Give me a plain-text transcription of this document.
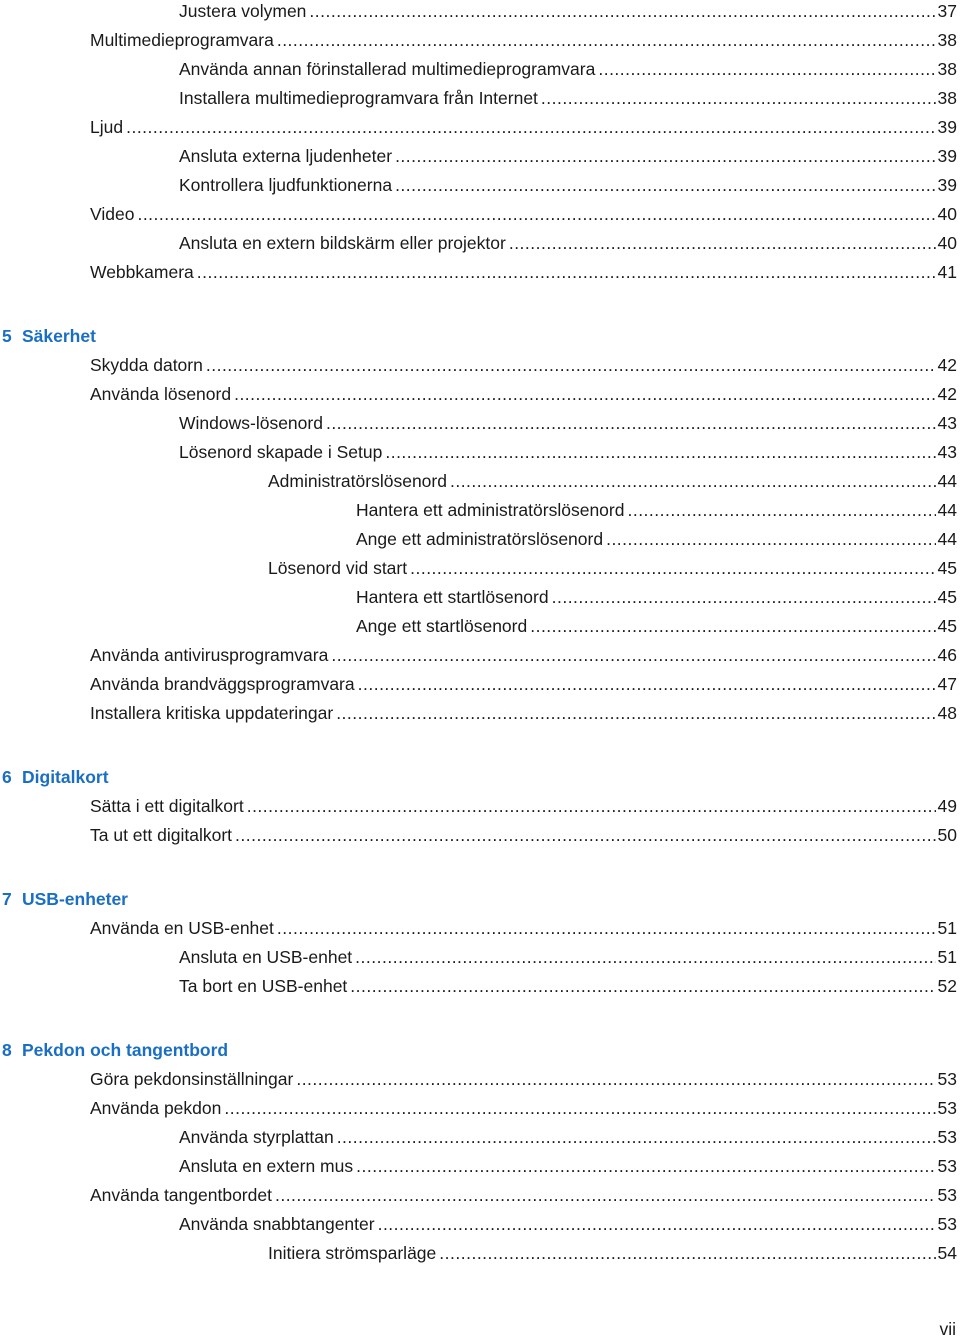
Justera volymen .....	37
Multimedieprogramvara .....	38
Använda annan förinstallerad multimedieprogramvara .....	38
Installera multimedieprogramvara från Internet .....	38
Ljud .....	39
Ansluta externa ljudenheter .....	39
Kontrollera ljudfunktionerna .....	39
Video .....	40
Ansluta en extern bildskärm eller projektor .....	40
Webbkamera .....	41
5 Säkerhet
Skydda datorn .....	42
Använda lösenord .....	42
Windows-lösenord .....	43
Lösenord skapade i Setup .....	43
Administratörslösenord .....	44
Hantera ett administratörslösenord .....	44
Ange ett administratörslösenord .....	44
Lösenord vid start .....	45
Hantera ett startlösenord .....	45
Ange ett startlösenord .....	45
Använda antivirusprogramvara .....	46
Använda brandväggsprogramvara .....	47
Installera kritiska uppdateringar .....	48
6 Digitalkort
Sätta i ett digitalkort .....	49
Ta ut ett digitalkort .....	50
7 USB-enheter
Använda en USB-enhet .....	51
Ansluta en USB-enhet .....	51
Ta bort en USB-enhet .....	52
8 Pekdon och tangentbord
Göra pekdonsinställningar .....	53
Använda pekdon .....	53
Använda styrplattan .....	53
Ansluta en extern mus .....	53
Använda tangentbordet .....	53
Använda snabbtangenter .....	53
Initiera strömsparläge .....	54
vii
